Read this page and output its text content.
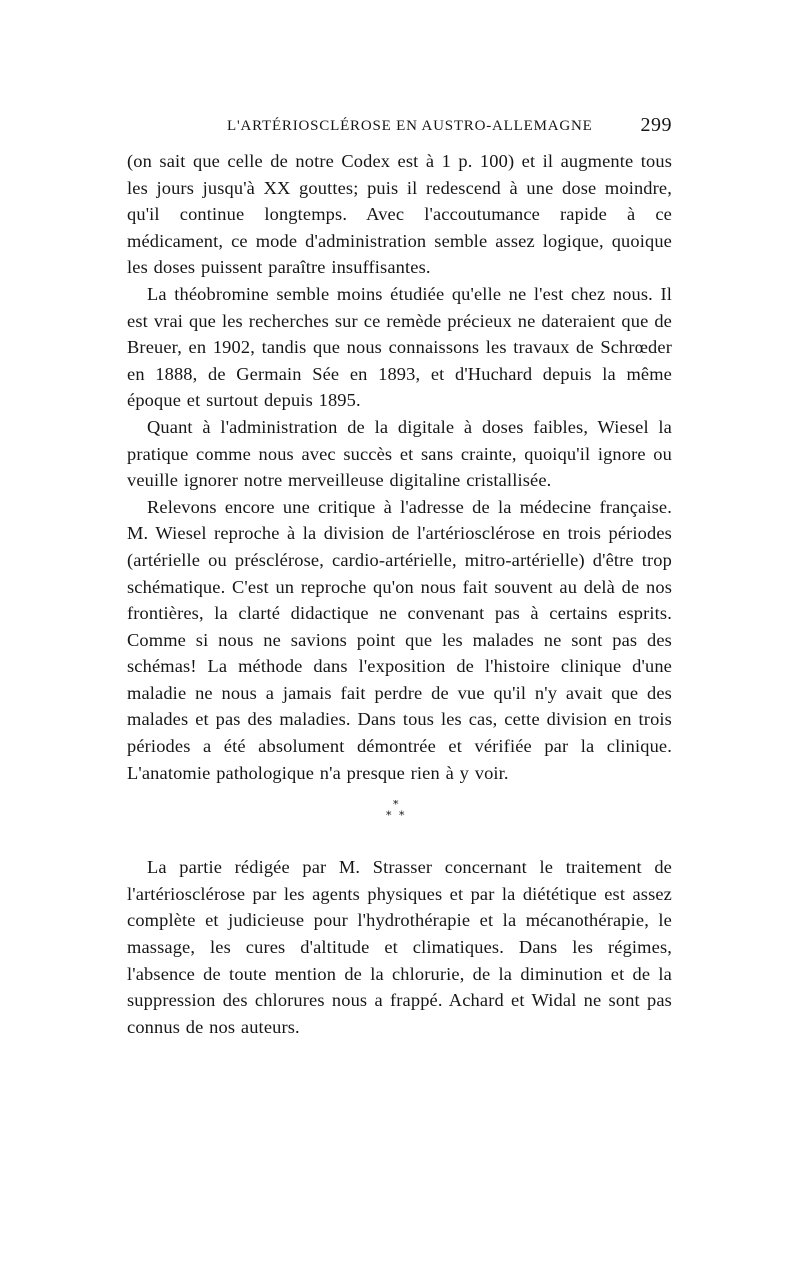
L'ARTÉRIOSCLÉROSE EN AUSTRO-ALLEMAGNE 299

(on sait que celle de notre Codex est à 1 p. 100) et il augmente tous les jours jusqu'à XX gouttes; puis il redescend à une dose moindre, qu'il continue longtemps. Avec l'accoutumance rapide à ce médicament, ce mode d'administration semble assez logique, quoique les doses puissent paraître insuffisantes.

La théobromine semble moins étudiée qu'elle ne l'est chez nous. Il est vrai que les recherches sur ce remède précieux ne dateraient que de Breuer, en 1902, tandis que nous connaissons les travaux de Schrœder en 1888, de Germain Sée en 1893, et d'Huchard depuis la même époque et surtout depuis 1895.

Quant à l'administration de la digitale à doses faibles, Wiesel la pratique comme nous avec succès et sans crainte, quoiqu'il ignore ou veuille ignorer notre merveilleuse digitaline cristallisée.

Relevons encore une critique à l'adresse de la médecine française. M. Wiesel reproche à la division de l'artériosclérose en trois périodes (artérielle ou présclérose, cardio-artérielle, mitro-artérielle) d'être trop schématique. C'est un reproche qu'on nous fait souvent au delà de nos frontières, la clarté didactique ne convenant pas à certains esprits. Comme si nous ne savions point que les malades ne sont pas des schémas! La méthode dans l'exposition de l'histoire clinique d'une maladie ne nous a jamais fait perdre de vue qu'il n'y avait que des malades et pas des maladies. Dans tous les cas, cette division en trois périodes a été absolument démontrée et vérifiée par la clinique. L'anatomie pathologique n'a presque rien à y voir.

*
* *

La partie rédigée par M. Strasser concernant le traitement de l'artériosclérose par les agents physiques et par la diététique est assez complète et judicieuse pour l'hydrothérapie et la mécanothérapie, le massage, les cures d'altitude et climatiques. Dans les régimes, l'absence de toute mention de la chlorurie, de la diminution et de la suppression des chlorures nous a frappé. Achard et Widal ne sont pas connus de nos auteurs.
